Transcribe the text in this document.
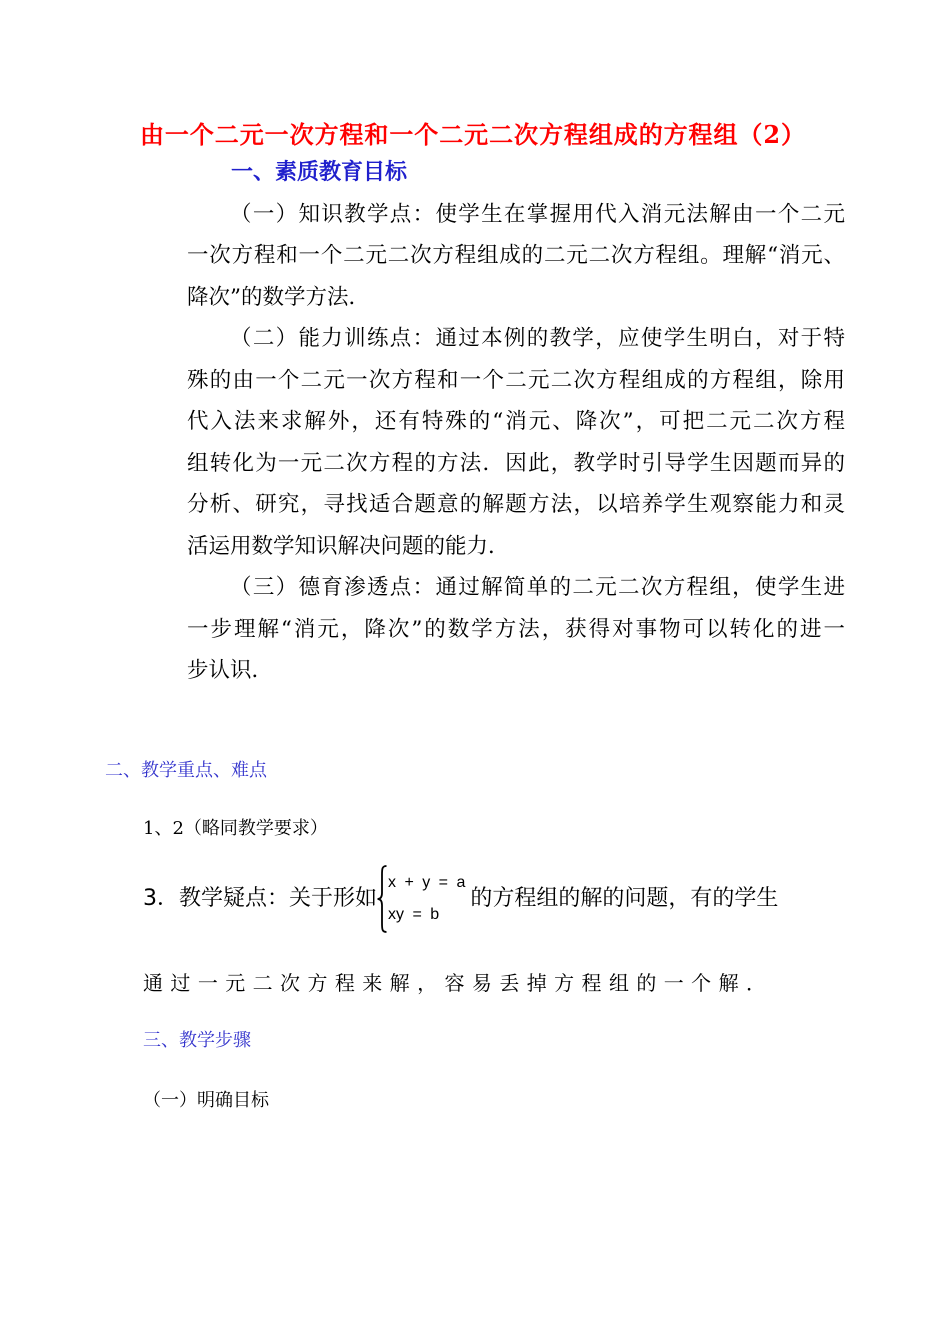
由一个二元一次方程和一个二元二次方程组成的方程组（2）
一、素质教育目标
（一）知识教学点：使学生在掌握用代入消元法解由一个二元
一次方程和一个二元二次方程组成的二元二次方程组。理解“消元、
降次”的数学方法．
（二）能力训练点：通过本例的教学，应使学生明白，对于特
殊的由一个二元一次方程和一个二元二次方程组成的方程组，除用
代入法来求解外，还有特殊的“消元、降次”，可把二元二次方程
组转化为一元二次方程的方法．因此，教学时引导学生因题而异的
分析、研究，寻找适合题意的解题方法，以培养学生观察能力和灵
活运用数学知识解决问题的能力．
（三）德育渗透点：通过解简单的二元二次方程组，使学生进
一步理解“消元，降次”的数学方法，获得对事物可以转化的进一
步认识．
二、教学重点、难点
1、2（略同教学要求）
3．教学疑点：关于形如
x + y = a
xy = b
的方程组的解的问题，有的学生
通过一元二次方程来解，容易丢掉方程组的一个解．
三、教学步骤
（一）明确目标
